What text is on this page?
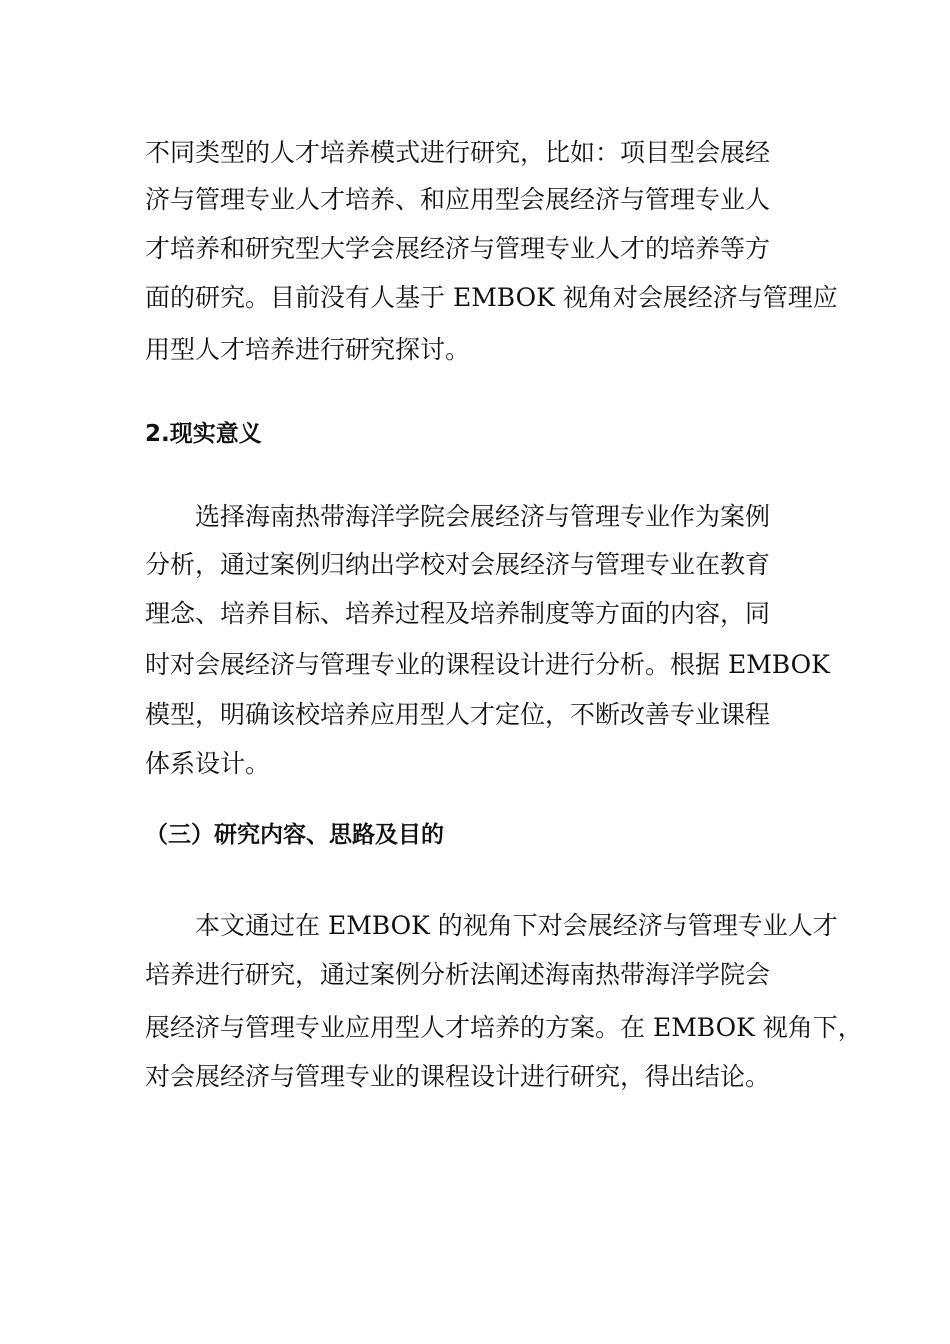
不同类型的人才培养模式进行研究，比如：项目型会展经

济与管理专业人才培养、和应用型会展经济与管理专业人

才培养和研究型大学会展经济与管理专业人才的培养等方

面的研究。目前没有人基于 EMBOK 视角对会展经济与管理应

用型人才培养进行研究探讨。

2.现实意义

选择海南热带海洋学院会展经济与管理专业作为案例

分析，通过案例归纳出学校对会展经济与管理专业在教育

理念、培养目标、培养过程及培养制度等方面的内容，同

时对会展经济与管理专业的课程设计进行分析。根据 EMBOK

模型，明确该校培养应用型人才定位，不断改善专业课程

体系设计。

（三）研究内容、思路及目的

本文通过在 EMBOK 的视角下对会展经济与管理专业人才

培养进行研究，通过案例分析法阐述海南热带海洋学院会

展经济与管理专业应用型人才培养的方案。在 EMBOK 视角下，

对会展经济与管理专业的课程设计进行研究，得出结论。
